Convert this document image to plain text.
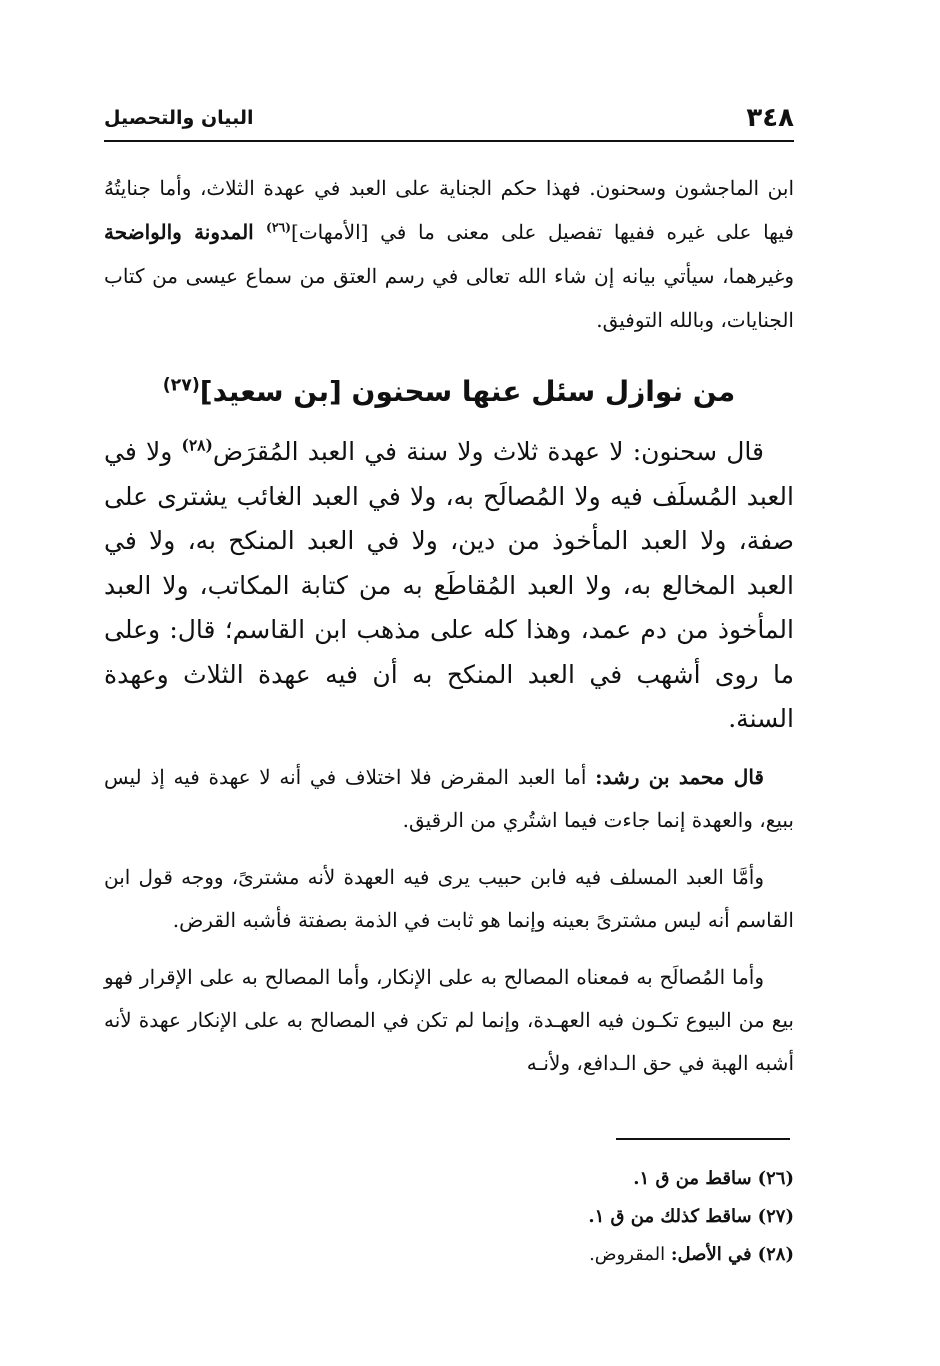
٣٤٨
البيان والتحصيل

ابن الماجشون وسحنون. فهذا حكم الجناية على العبد في عهدة الثلاث، وأما جنايتُهُ فيها على غيره ففيها تفصيل على معنى ما في [الأمهات]$^{(٢٦)}$ المدونة والواضحة وغيرهما، سيأتي بيانه إن شاء الله تعالى في رسم العتق من سماع عيسى من كتاب الجنايات، وبالله التوفيق.

من نوازل سئل عنها سحنون [بن سعيد]$^{(٢٧)}$

قال سحنون: لا عهدة ثلاث ولا سنة في العبد المُقرَض$^{(٢٨)}$ ولا في العبد المُسلَف فيه ولا المُصالَح به، ولا في العبد الغائب يشترى على صفة، ولا العبد المأخوذ من دين، ولا في العبد المنكح به، ولا في العبد المخالع به، ولا العبد المُقاطَع به من كتابة المكاتب، ولا العبد المأخوذ من دم عمد، وهذا كله على مذهب ابن القاسم؛ قال: وعلى ما روى أشهب في العبد المنكح به أن فيه عهدة الثلاث وعهدة السنة.

قال محمد بن رشد: أما العبد المقرض فلا اختلاف في أنه لا عهدة فيه إذ ليس ببيع، والعهدة إنما جاءت فيما اشتُري من الرقيق.

وأمَّا العبد المسلف فيه فابن حبيب يرى فيه العهدة لأنه مشترىً، ووجه قول ابن القاسم أنه ليس مشترىً بعينه وإنما هو ثابت في الذمة بصفتة فأشبه القرض.

وأما المُصالَح به فمعناه المصالح به على الإنكار، وأما المصالح به على الإقرار فهو بيع من البيوع تكـون فيه العهـدة، وإنما لم تكن في المصالح به على الإنكار عهدة لأنه أشبه الهبة في حق الـدافع، ولأنـه

(٢٦)ساقط من ق ١.
(٢٧)ساقط كذلك من ق ١.
(٢٨)في الأصل: المقروض.
